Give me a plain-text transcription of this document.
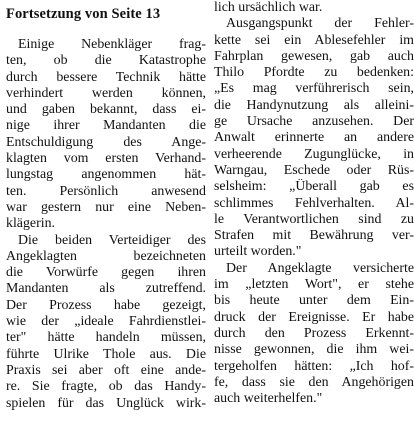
Fortsetzung von Seite 13
Einige Nebenkläger frag-
ten, ob die Katastrophe
durch bessere Technik hätte
verhindert werden können,
und gaben bekannt, dass ei-
nige ihrer Mandanten die
Entschuldigung des Ange-
klagten vom ersten Verhand-
lungstag angenommen hät-
ten. Persönlich anwesend
war gestern nur eine Neben-
klägerin.
Die beiden Verteidiger des
Angeklagten bezeichneten
die Vorwürfe gegen ihren
Mandanten als zutreffend.
Der Prozess habe gezeigt,
wie der „ideale Fahrdienstlei-
ter" hätte handeln müssen,
führte Ulrike Thole aus. Die
Praxis sei aber oft eine ande-
re. Sie fragte, ob das Handy-
spielen für das Unglück wirk-
lich ursächlich war.
Ausgangspunkt der Fehler-
kette sei ein Ablesefehler im
Fahrplan gewesen, gab auch
Thilo Pfordte zu bedenken:
„Es mag verführerisch sein,
die Handynutzung als alleini-
ge Ursache anzusehen. Der
Anwalt erinnerte an andere
verheerende Zugunglücke, in
Warngau, Eschede oder Rüs-
selsheim: „Überall gab es
schlimmes Fehlverhalten. Al-
le Verantwortlichen sind zu
Strafen mit Bewährung ver-
urteilt worden."
Der Angeklagte versicherte
im „letzten Wort", er stehe
bis heute unter dem Ein-
druck der Ereignisse. Er habe
durch den Prozess Erkennt-
nisse gewonnen, die ihm wei-
tergeholfen hätten: „Ich hof-
fe, dass sie den Angehörigen
auch weiterhelfen."
